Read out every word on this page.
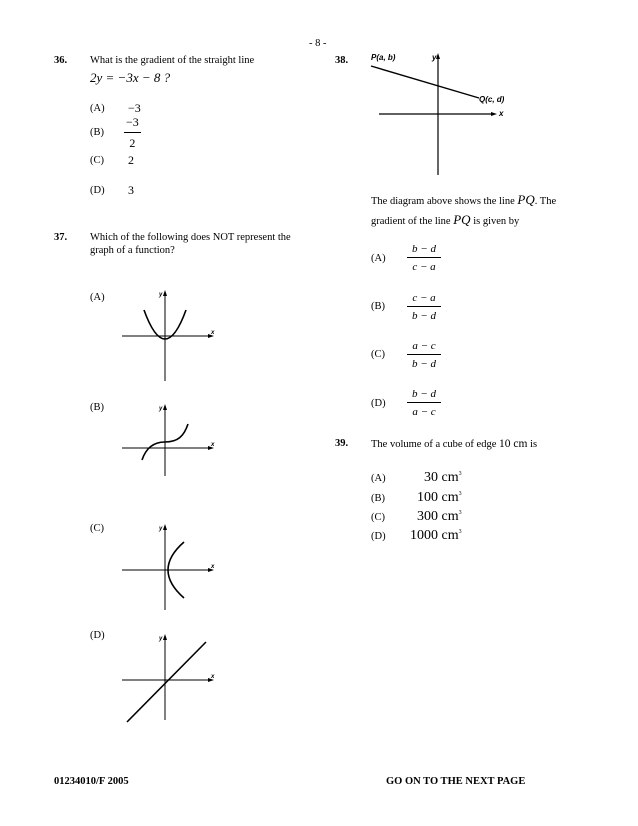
- 8 -
36. What is the gradient of the straight line
2y = −3x − 8 ?
(A) −3
$(B) \frac{-3}{2}$
(C) 2
(D) 3
37. Which of the following does NOT represent the
graph of a function?
(A)	y
x
(B)	y
x
(C)	y
x
(D)	y
x
38.	P(a, b)	y
x
Q(c, d)
The diagram above shows the line PQ. The
gradient of the line PQ is given by
$(A) \frac{b - d}{c - a}$
$(B) \frac{c - a}{b - d}$
$(C) \frac{a - c}{b - d}$
$(D) \frac{b - d}{a - c}$
39. The volume of a cube of edge 10 cm is
(A)	30 $cm^3$
(B) 100 $cm^3$
(C) 300 $cm^3$
(D) 1000 $cm^3$
01234010/F 2005	GO ON TO THE NEXT PAGE
